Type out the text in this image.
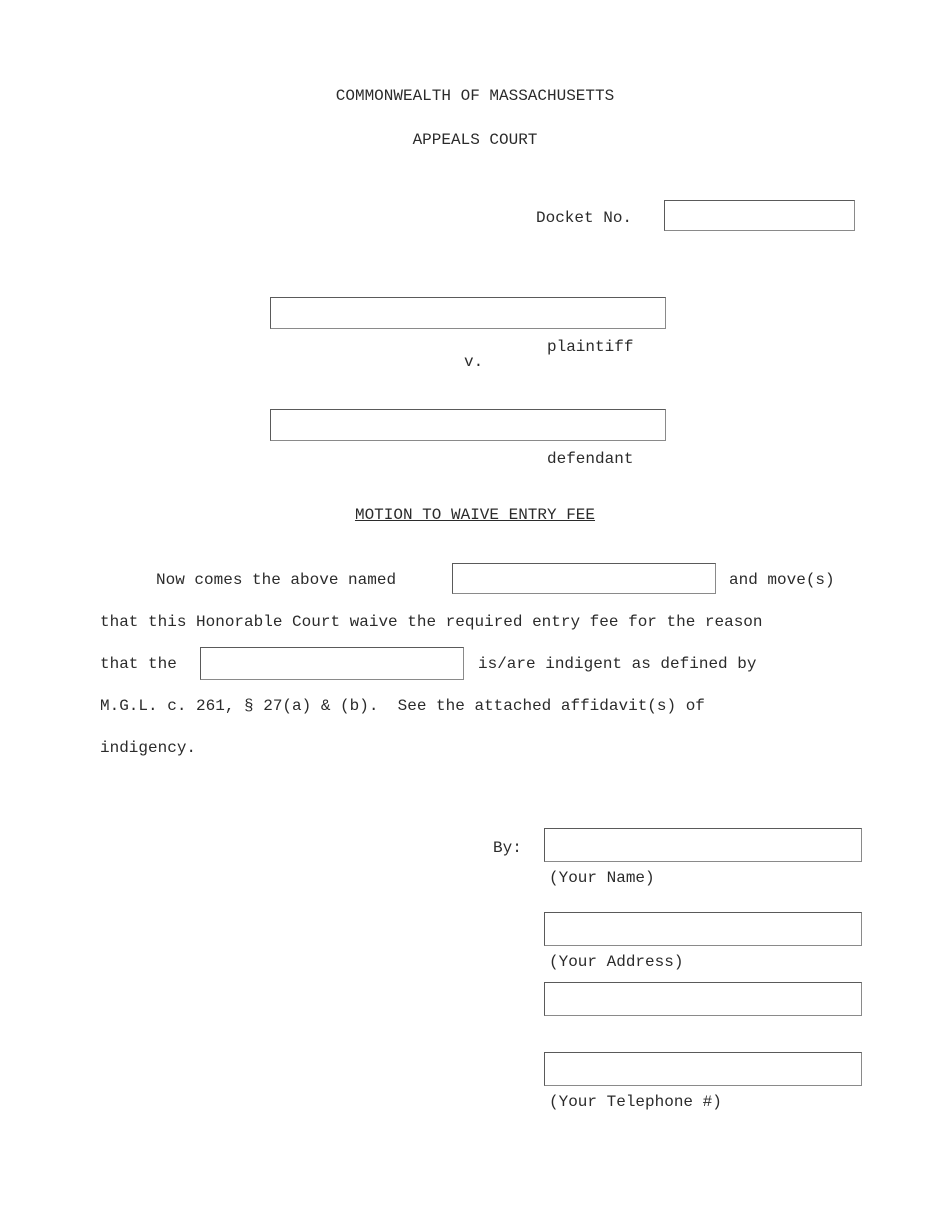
COMMONWEALTH OF MASSACHUSETTS
APPEALS COURT
Docket No.
plaintiff
v.
defendant
MOTION TO WAIVE ENTRY FEE
Now comes the above named	and move(s)
that this Honorable Court waive the required entry fee for the reason
that the	is/are indigent as defined by
M.G.L. c. 261, § 27(a) & (b).  See the attached affidavit(s) of
indigency.
By:
(Your Name)
(Your Address)
(Your Telephone #)
